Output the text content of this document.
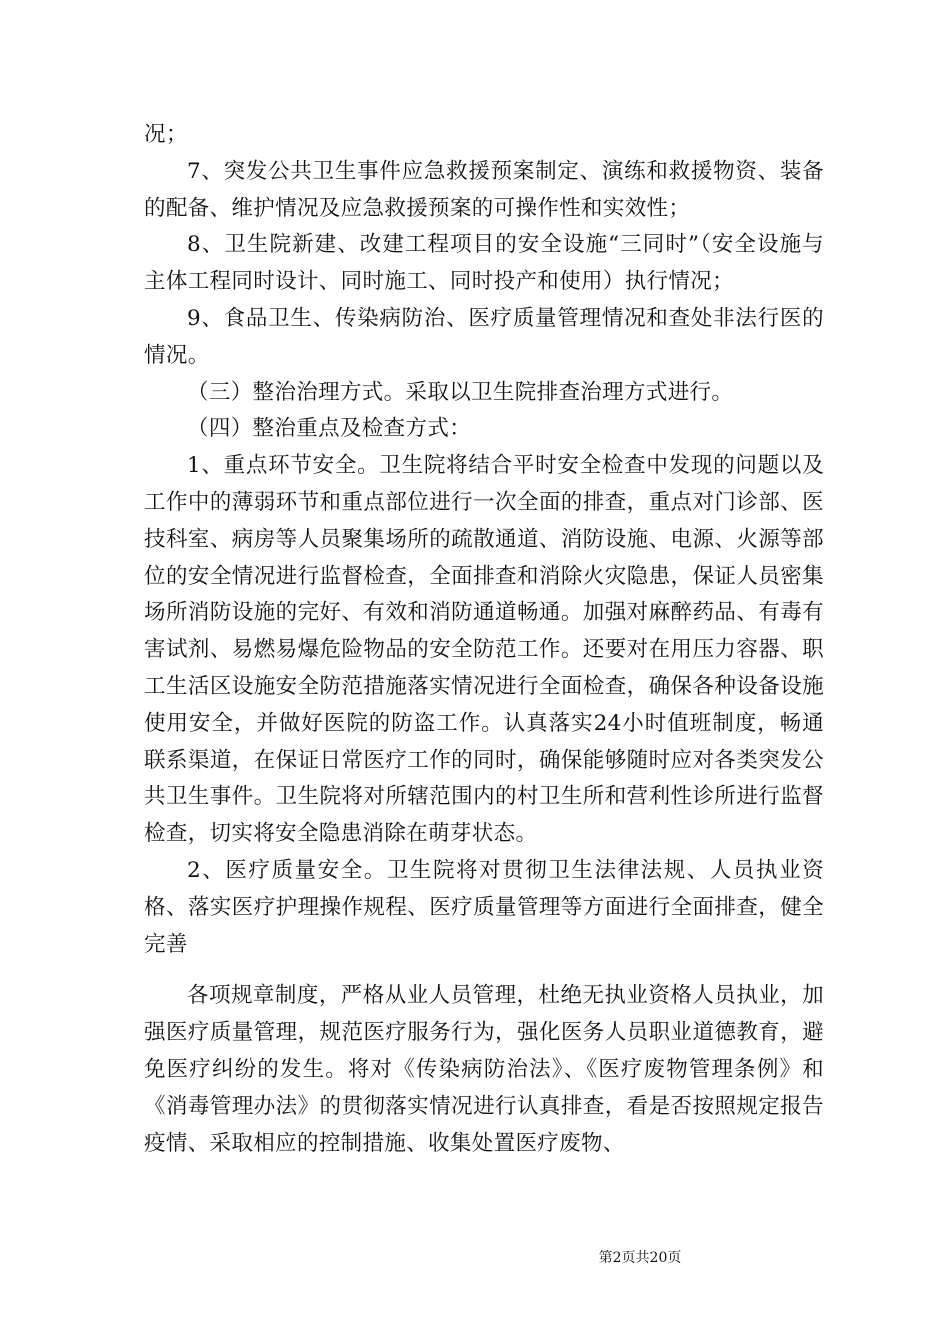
况；

7、突发公共卫生事件应急救援预案制定、演练和救援物资、装备的配备、维护情况及应急救援预案的可操作性和实效性；

8、卫生院新建、改建工程项目的安全设施“三同时”（安全设施与主体工程同时设计、同时施工、同时投产和使用）执行情况；

9、食品卫生、传染病防治、医疗质量管理情况和查处非法行医的情况。

（三）整治治理方式。采取以卫生院排查治理方式进行。

（四）整治重点及检查方式：

1、重点环节安全。卫生院将结合平时安全检查中发现的问题以及工作中的薄弱环节和重点部位进行一次全面的排查，重点对门诊部、医技科室、病房等人员聚集场所的疏散通道、消防设施、电源、火源等部位的安全情况进行监督检查，全面排查和消除火灾隐患，保证人员密集场所消防设施的完好、有效和消防通道畅通。加强对麻醉药品、有毒有害试剂、易燃易爆危险物品的安全防范工作。还要对在用压力容器、职工生活区设施安全防范措施落实情况进行全面检查，确保各种设备设施使用安全，并做好医院的防盗工作。认真落实24小时值班制度，畅通联系渠道，在保证日常医疗工作的同时，确保能够随时应对各类突发公共卫生事件。卫生院将对所辖范围内的村卫生所和营利性诊所进行监督检查，切实将安全隐患消除在萌芽状态。

2、医疗质量安全。卫生院将对贯彻卫生法律法规、人员执业资格、落实医疗护理操作规程、医疗质量管理等方面进行全面排查，健全完善

各项规章制度，严格从业人员管理，杜绝无执业资格人员执业，加强医疗质量管理，规范医疗服务行为，强化医务人员职业道德教育，避免医疗纠纷的发生。将对《传染病防治法》、《医疗废物管理条例》和《消毒管理办法》的贯彻落实情况进行认真排查，看是否按照规定报告疫情、采取相应的控制措施、收集处置医疗废物、

第2页共20页
